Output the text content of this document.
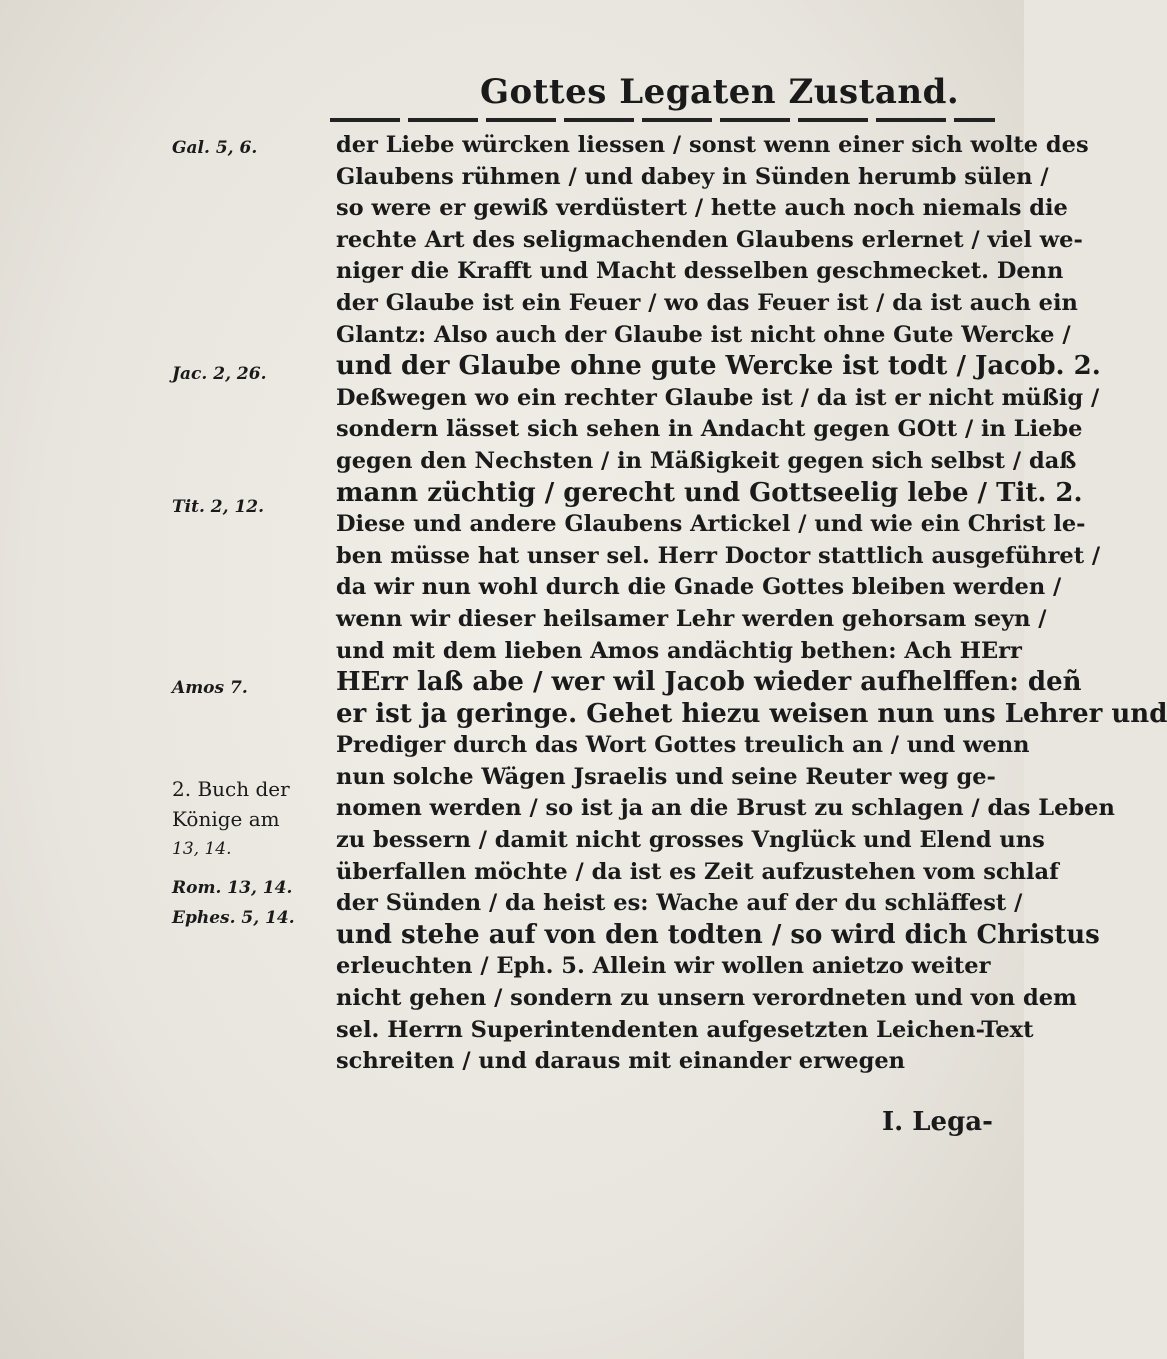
Gottes Legaten Zustand.
Gal. 5, 6.
Jac. 2, 26.
Tit. 2, 12.
Amos 7.
2. Buch der
Könige am
13, 14.
Rom. 13, 14.
Ephes. 5, 14.
der Liebe würcken liessen / sonst wenn einer sich wolte des
Glaubens rühmen / und dabey in Sünden herumb sülen /
so were er gewiß verdüstert / hette auch noch niemals die
rechte Art des seligmachenden Glaubens erlernet / viel we-
niger die Krafft und Macht desselben geschmecket. Denn
der Glaube ist ein Feuer / wo das Feuer ist / da ist auch ein
Glantz: Also auch der Glaube ist nicht ohne Gute Wercke /
und der Glaube ohne gute Wercke ist todt / Jacob. 2.
Deßwegen wo ein rechter Glaube ist / da ist er nicht müßig /
sondern lässet sich sehen in Andacht gegen GOtt / in Liebe
gegen den Nechsten / in Mäßigkeit gegen sich selbst / daß
mann züchtig / gerecht und Gottseelig lebe / Tit. 2.
Diese und andere Glaubens Artickel / und wie ein Christ le-
ben müsse hat unser sel. Herr Doctor stattlich ausgeführet /
da wir nun wohl durch die Gnade Gottes bleiben werden /
wenn wir dieser heilsamer Lehr werden gehorsam seyn /
und mit dem lieben Amos andächtig bethen: Ach HErr
HErr laß abe / wer wil Jacob wieder aufhelffen: deñ
er ist ja geringe. Gehet hiezu weisen nun uns Lehrer und
Prediger durch das Wort Gottes treulich an / und wenn
nun solche Wägen Jsraelis und seine Reuter weg ge-
nomen werden / so ist ja an die Brust zu schlagen / das Leben
zu bessern / damit nicht grosses Vnglück und Elend uns
überfallen möchte / da ist es Zeit aufzustehen vom schlaf
der Sünden / da heist es: Wache auf der du schläffest /
und stehe auf von den todten / so wird dich Christus
erleuchten / Eph. 5. Allein wir wollen anietzo weiter
nicht gehen / sondern zu unsern verordneten und von dem
sel. Herrn Superintendenten aufgesetzten Leichen-Text
schreiten / und daraus mit einander erwegen
I. Lega-
